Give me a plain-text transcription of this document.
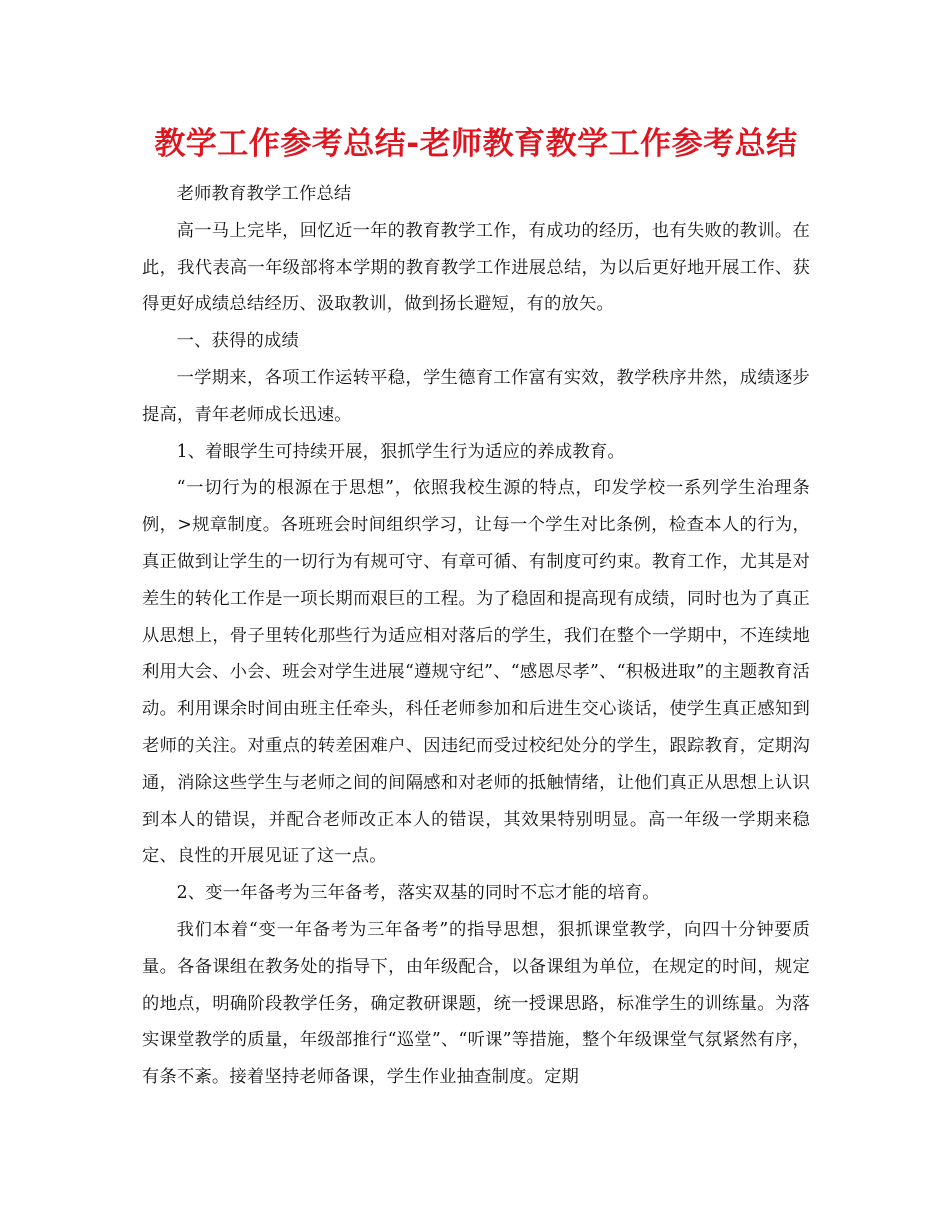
教学工作参考总结-老师教育教学工作参考总结

老师教育教学工作总结

高一马上完毕，回忆近一年的教育教学工作，有成功的经历，也有失败的教训。在此，我代表高一年级部将本学期的教育教学工作进展总结，为以后更好地开展工作、获得更好成绩总结经历、汲取教训，做到扬长避短，有的放矢。

一、获得的成绩

一学期来，各项工作运转平稳，学生德育工作富有实效，教学秩序井然，成绩逐步提高，青年老师成长迅速。

1、着眼学生可持续开展，狠抓学生行为适应的养成教育。

“一切行为的根源在于思想”，依照我校生源的特点，印发学校一系列学生治理条例，>规章制度。各班班会时间组织学习，让每一个学生对比条例，检查本人的行为，真正做到让学生的一切行为有规可守、有章可循、有制度可约束。教育工作，尤其是对差生的转化工作是一项长期而艰巨的工程。为了稳固和提高现有成绩，同时也为了真正从思想上，骨子里转化那些行为适应相对落后的学生，我们在整个一学期中，不连续地利用大会、小会、班会对学生进展“遵规守纪”、“感恩尽孝”、“积极进取”的主题教育活动。利用课余时间由班主任牵头，科任老师参加和后进生交心谈话，使学生真正感知到老师的关注。对重点的转差困难户、因违纪而受过校纪处分的学生，跟踪教育，定期沟通，消除这些学生与老师之间的间隔感和对老师的抵触情绪，让他们真正从思想上认识到本人的错误，并配合老师改正本人的错误，其效果特别明显。高一年级一学期来稳定、良性的开展见证了这一点。

2、变一年备考为三年备考，落实双基的同时不忘才能的培育。

我们本着“变一年备考为三年备考”的指导思想，狠抓课堂教学，向四十分钟要质量。各备课组在教务处的指导下，由年级配合，以备课组为单位，在规定的时间，规定的地点，明确阶段教学任务，确定教研课题，统一授课思路，标准学生的训练量。为落实课堂教学的质量，年级部推行“巡堂”、“听课”等措施，整个年级课堂气氛紧然有序，有条不紊。接着坚持老师备课，学生作业抽查制度。定期
